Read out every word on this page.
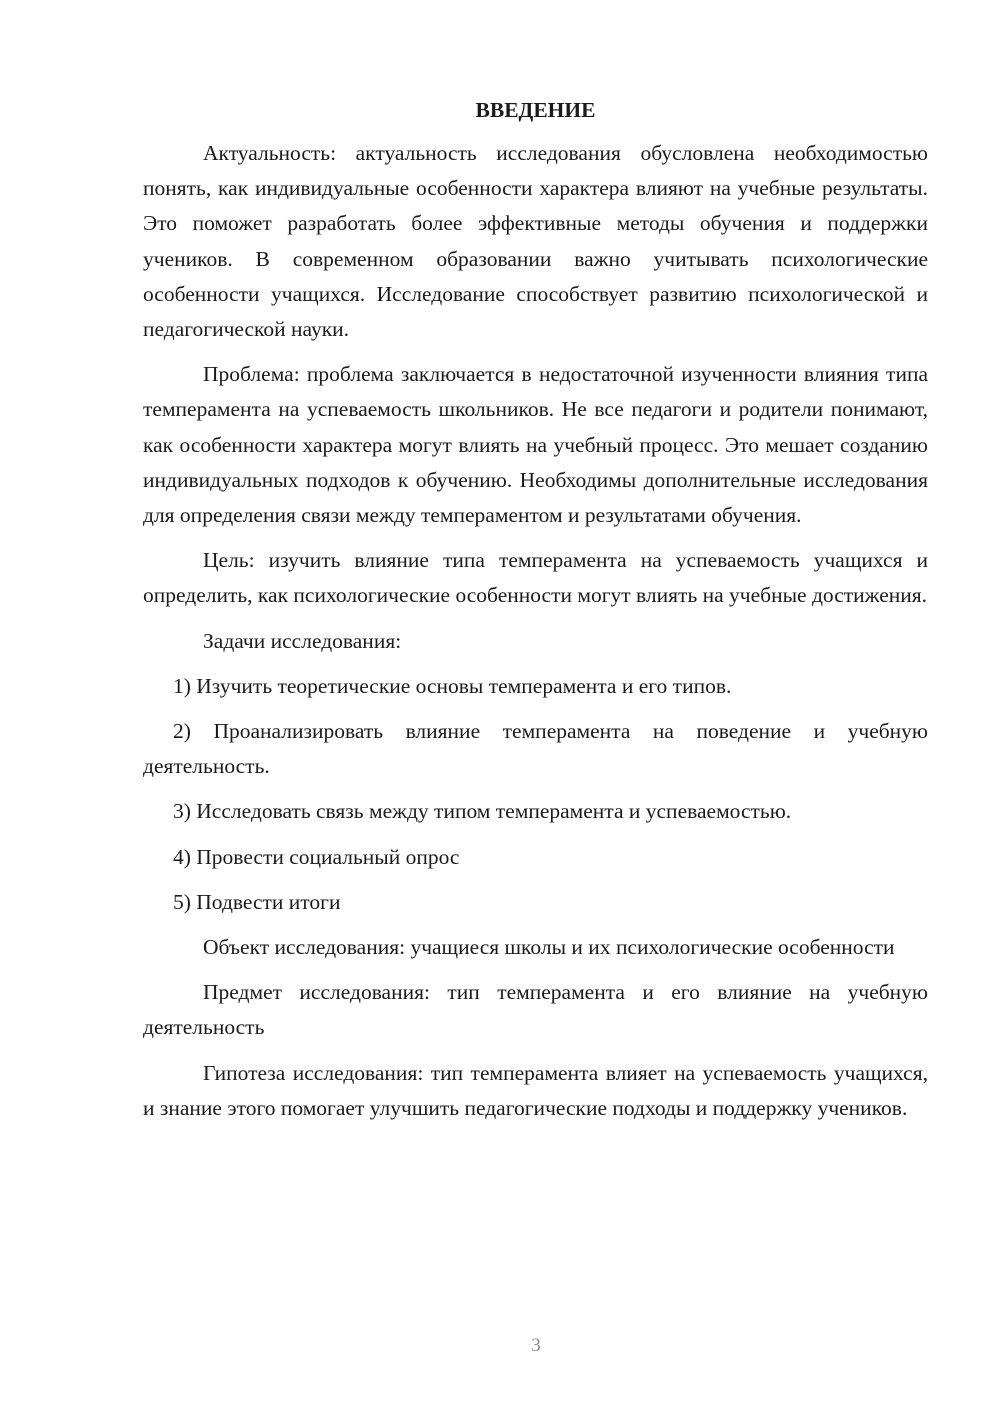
ВВЕДЕНИЕ

Актуальность: актуальность исследования обусловлена необходимостью понять, как индивидуальные особенности характера влияют на учебные результаты. Это поможет разработать более эффективные методы обучения и поддержки учеников. В современном образовании важно учитывать психологические особенности учащихся. Исследование способствует развитию психологической и педагогической науки.

Проблема: проблема заключается в недостаточной изученности влияния типа темперамента на успеваемость школьников. Не все педагоги и родители понимают, как особенности характера могут влиять на учебный процесс. Это мешает созданию индивидуальных подходов к обучению. Необходимы дополнительные исследования для определения связи между темпераментом и результатами обучения.

Цель: изучить влияние типа темперамента на успеваемость учащихся и определить, как психологические особенности могут влиять на учебные достижения.

Задачи исследования:

1) Изучить теоретические основы темперамента и его типов.

2) Проанализировать влияние темперамента на поведение и учебную деятельность.

3) Исследовать связь между типом темперамента и успеваемостью.

4) Провести социальный опрос

5) Подвести итоги

Объект исследования: учащиеся школы и их психологические особенности

Предмет исследования: тип темперамента и его влияние на учебную деятельность

Гипотеза исследования: тип темперамента влияет на успеваемость учащихся, и знание этого помогает улучшить педагогические подходы и поддержку учеников.

3
